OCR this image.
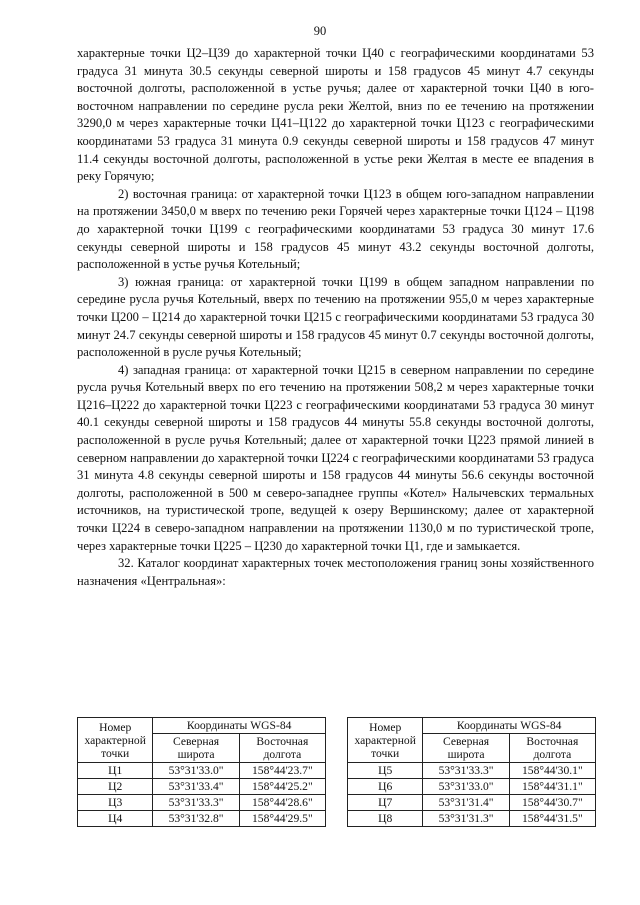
90

характерные точки Ц2–Ц39 до характерной точки Ц40 с географическими координатами 53 градуса 31 минута 30.5 секунды северной широты и 158 градусов 45 минут 4.7 секунды восточной долготы, расположенной в устье ручья; далее от характерной точки Ц40 в юго-восточном направлении по середине русла реки Желтой, вниз по ее течению на протяжении 3290,0 м через характерные точки Ц41–Ц122 до характерной точки Ц123 с географическими координатами 53 градуса 31 минута 0.9 секунды северной широты и 158 градусов 47 минут 11.4 секунды восточной долготы, расположенной в устье реки Желтая в месте ее впадения в реку Горячую;

2) восточная граница: от характерной точки Ц123 в общем юго-западном направлении на протяжении 3450,0 м вверх по течению реки Горячей через характерные точки Ц124 – Ц198 до характерной точки Ц199 с географическими координатами 53 градуса 30 минут 17.6 секунды северной широты и 158 градусов 45 минут 43.2 секунды восточной долготы, расположенной в устье ручья Котельный;

3) южная граница: от характерной точки Ц199 в общем западном направлении по середине русла ручья Котельный, вверх по течению на протяжении 955,0 м через характерные точки Ц200 – Ц214 до характерной точки Ц215 с географическими координатами 53 градуса 30 минут 24.7 секунды северной широты и 158 градусов 45 минут 0.7 секунды восточной долготы, расположенной в русле ручья Котельный;

4) западная граница: от характерной точки Ц215 в северном направлении по середине русла ручья Котельный вверх по его течению на протяжении 508,2 м через характерные точки Ц216–Ц222 до характерной точки Ц223 с географическими координатами 53 градуса 30 минут 40.1 секунды северной широты и 158 градусов 44 минуты 55.8 секунды восточной долготы, расположенной в русле ручья Котельный; далее от характерной точки Ц223 прямой линией в северном направлении до характерной точки Ц224 с географическими координатами 53 градуса 31 минута 4.8 секунды северной широты и 158 градусов 44 минуты 56.6 секунды восточной долготы, расположенной в 500 м северо-западнее группы «Котел» Налычевских термальных источников, на туристической тропе, ведущей к озеру Вершинскому; далее от характерной точки Ц224 в северо-западном направлении на протяжении 1130,0 м по туристической тропе, через характерные точки Ц225 – Ц230 до характерной точки Ц1, где и замыкается.

32. Каталог координат характерных точек местоположения границ зоны хозяйственного назначения «Центральная»:

Номер характерной точки	Координаты WGS-84	
	Северная широта	Восточная долгота
Ц1	53°31'33.0"	158°44'23.7"
Ц2	53°31'33.4"	158°44'25.2"
Ц3	53°31'33.3"	158°44'28.6"
Ц4	53°31'32.8"	158°44'29.5"
Номер характерной точки	Координаты WGS-84	
	Северная широта	Восточная долгота
Ц5	53°31'33.3"	158°44'30.1"
Ц6	53°31'33.0"	158°44'31.1"
Ц7	53°31'31.4"	158°44'30.7"
Ц8	53°31'31.3"	158°44'31.5"
